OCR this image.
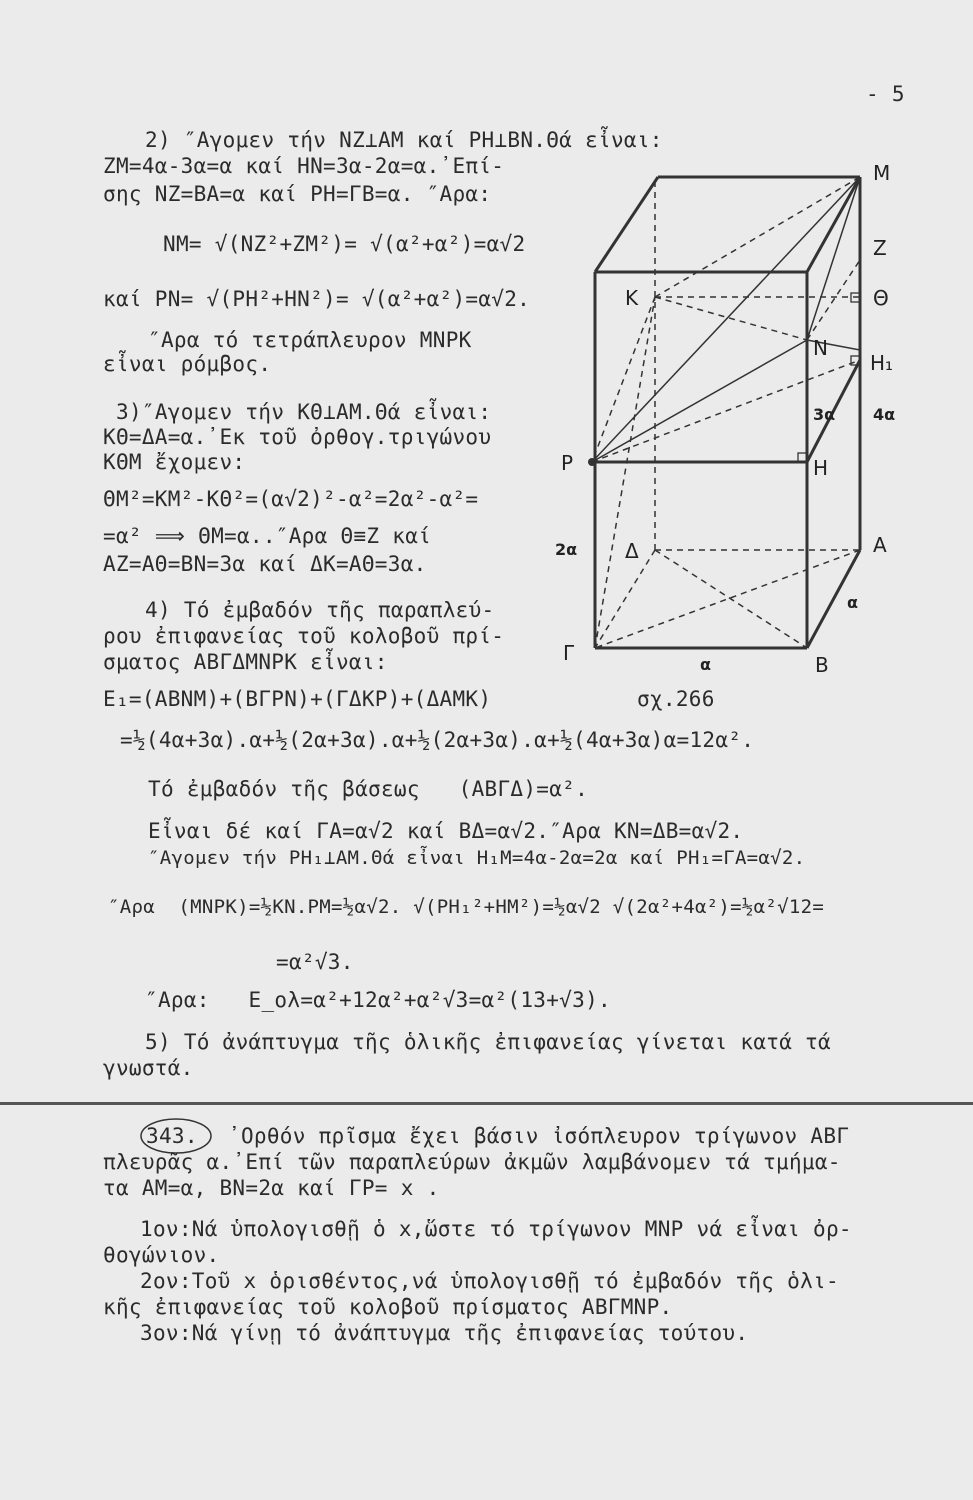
- 5
2) ″Αγομεν τήν ΝΖ⊥ΑΜ καί ΡΗ⊥ΒΝ.Θά εἶναι:
ΖΜ=4α-3α=α καί ΗΝ=3α-2α=α.᾿Επί-
σης ΝΖ=ΒΑ=α καί ΡΗ=ΓΒ=α. ″Αρα:
ΝΜ= √(ΝΖ²+ΖΜ²)= √(α²+α²)=α√2
καί ΡΝ= √(ΡΗ²+ΗΝ²)= √(α²+α²)=α√2.
″Αρα τό τετράπλευρον ΜΝΡΚ
εἶναι ρόμβος.
3)″Αγομεν τήν ΚΘ⊥ΑΜ.Θά εἶναι:
ΚΘ=ΔΑ=α.᾿Εκ τοῦ ὀρθογ.τριγώνου
ΚΘΜ ἔχομεν:
ΘΜ²=ΚΜ²-ΚΘ²=(α√2)²-α²=2α²-α²=
=α² ⟹ ΘΜ=α..″Αρα Θ≡Ζ καί
ΑΖ=ΑΘ=ΒΝ=3α καί ΔΚ=ΑΘ=3α.
4) Τό ἐμβαδόν τῆς παραπλεύ-
ρου ἐπιφανείας τοῦ κολοβοῦ πρί-
σματος ΑΒΓΔΜΝΡΚ εἶναι:
Ε₁=(ΑΒΝΜ)+(ΒΓΡΝ)+(ΓΔΚΡ)+(ΔΑΜΚ)	σχ.266
=½(4α+3α).α+½(2α+3α).α+½(2α+3α).α+½(4α+3α)α=12α².
Τό ἐμβαδόν τῆς βάσεως   (ΑΒΓΔ)=α².
Εἶναι δέ καί ΓΑ=α√2 καί ΒΔ=α√2.″Αρα ΚΝ=ΔΒ=α√2.
″Αγομεν τήν ΡΗ₁⊥ΑΜ.Θά εἶναι Η₁Μ=4α-2α=2α καί ΡΗ₁=ΓΑ=α√2.
″Αρα  (ΜΝΡΚ)=½ΚΝ.ΡΜ=½α√2. √(ΡΗ₁²+ΗΜ²)=½α√2 √(2α²+4α²)=½α²√12=
=α²√3.
″Αρα:   Ε_ολ=α²+12α²+α²√3=α²(13+√3).
5) Τό ἀνάπτυγμα τῆς ὁλικῆς ἐπιφανείας γίνεται κατά τά
γνωστά.
343. ᾿Ορθόν πρῖσμα ἔχει βάσιν ἰσόπλευρον τρίγωνον ΑΒΓ
πλευρᾶς α.᾿Επί τῶν παραπλεύρων ἀκμῶν λαμβάνομεν τά τμήμα-
τα ΑΜ=α, ΒΝ=2α καί ΓΡ= x .
1ον:Νά ὑπολογισθῇ ὁ x,ὥστε τό τρίγωνον ΜΝΡ νά εἶναι ὀρ-
θογώνιον.
2ον:Τοῦ x ὁρισθέντος,νά ὑπολογισθῇ τό ἐμβαδόν τῆς ὁλι-
κῆς ἐπιφανείας τοῦ κολοβοῦ πρίσματος ΑΒΓΜΝΡ.
3ον:Νά γίνῃ τό ἀνάπτυγμα τῆς ἐπιφανείας τούτου.
M
Z
K	Θ
N
H₁
3α 4α
P	H
2α Δ	A
α
Γ	α	B
